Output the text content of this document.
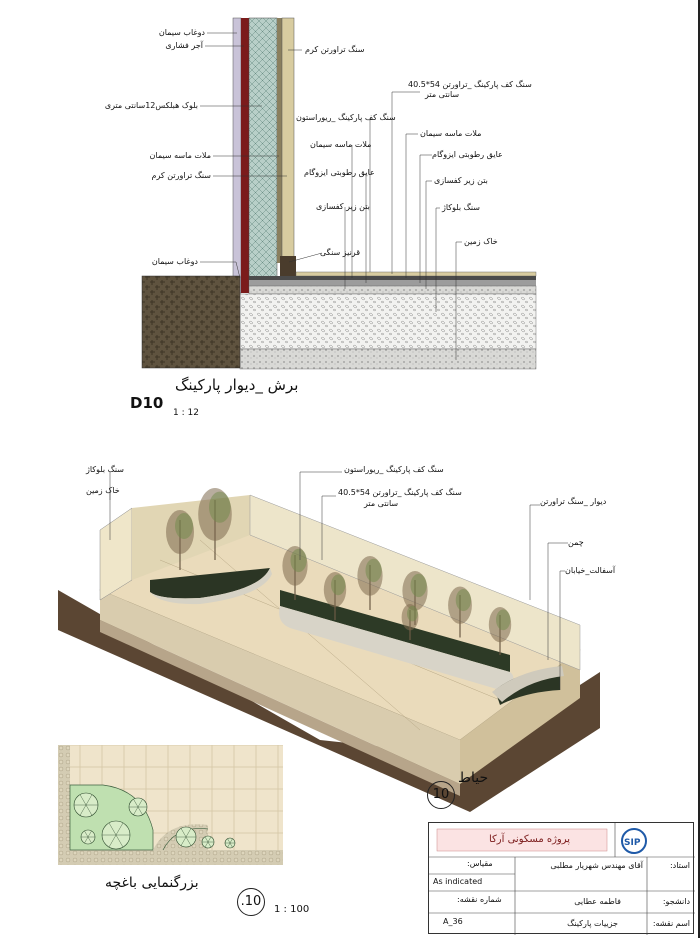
D10
1 : 12
دوغاب سیمان
آجر فشاری
بلوک هبلکس12سانتی متری
ملات ماسه سیمان
سنگ تراورتن کرم
دوغاب سیمان
سنگ تراورتن کرم
سنگ کف پارکینگ _ریوراستون
ملات ماسه سیمان
عایق رطوبتی ایزوگام
بتن زیر کفسازی
قرنیز سنگی
سنگ کف پارکینگ _تراورتن 54*40.5
سانتی متر
ملات ماسه سیمان
عایق رطوبتی ایزوگام
بتن زیر کفسازی
سنگ بلوکاژ
خاک زمین
برش _دیوار پارکینگ
سنگ بلوکاژ
خاک زمین
سنگ کف پارکینگ _ریوراستون
سنگ کف پارکینگ _تراورتن 54*40.5
سانتی متر	دیوار _سنگ تراورتن
چمن
آسفالت_خیابان
حیاط
10
بزرگنمایی باغچه
.10
1 : 100
پروژه مسکونی آرکا	SIP
استاد:
آقای مهندس شهریار مطلبی
دانشجو:
فاطمه عطایی
اسم نقشه:
جزییات پارکینگ
مقیاس:
As indicated
شماره نقشه:
A_36
